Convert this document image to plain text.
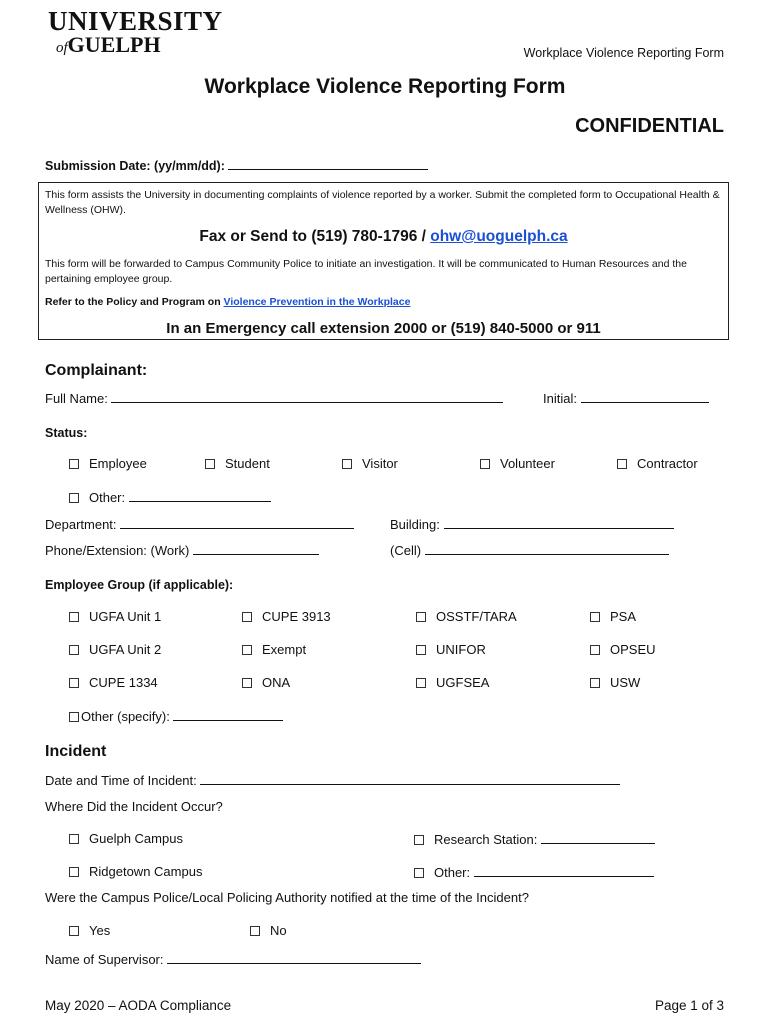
UNIVERSITY
ofGUELPH	Workplace Violence Reporting Form
Workplace Violence Reporting Form
CONFIDENTIAL
Submission Date: (yy/mm/dd):
This form assists the University in documenting complaints of violence reported by a worker. Submit the completed form to Occupational Health & Wellness (OHW).
Fax or Send to (519) 780-1796 / ohw@uoguelph.ca
This form will be forwarded to Campus Community Police to initiate an investigation. It will be communicated to Human Resources and the pertaining employee group.
Refer to the Policy and Program on Violence Prevention in the Workplace
In an Emergency call extension 2000 or (519) 840-5000 or 911
Complainant:
Full Name:	Initial:
Status:
Employee	Student	Visitor	Volunteer	Contractor
Other:
Department:	Building:
Phone/Extension: (Work)	(Cell)
Employee Group (if applicable):
UGFA Unit 1	CUPE 3913	OSSTF/TARA	PSA
UGFA Unit 2	Exempt	UNIFOR	OPSEU
CUPE 1334	ONA	UGFSEA	USW
Other (specify):
Incident
Date and Time of Incident:
Where Did the Incident Occur?
Guelph Campus	Research Station:
Ridgetown Campus	Other:
Were the Campus Police/Local Policing Authority notified at the time of the Incident?
Yes	No
Name of Supervisor:
May 2020 – AODA Compliance	Page 1 of 3
